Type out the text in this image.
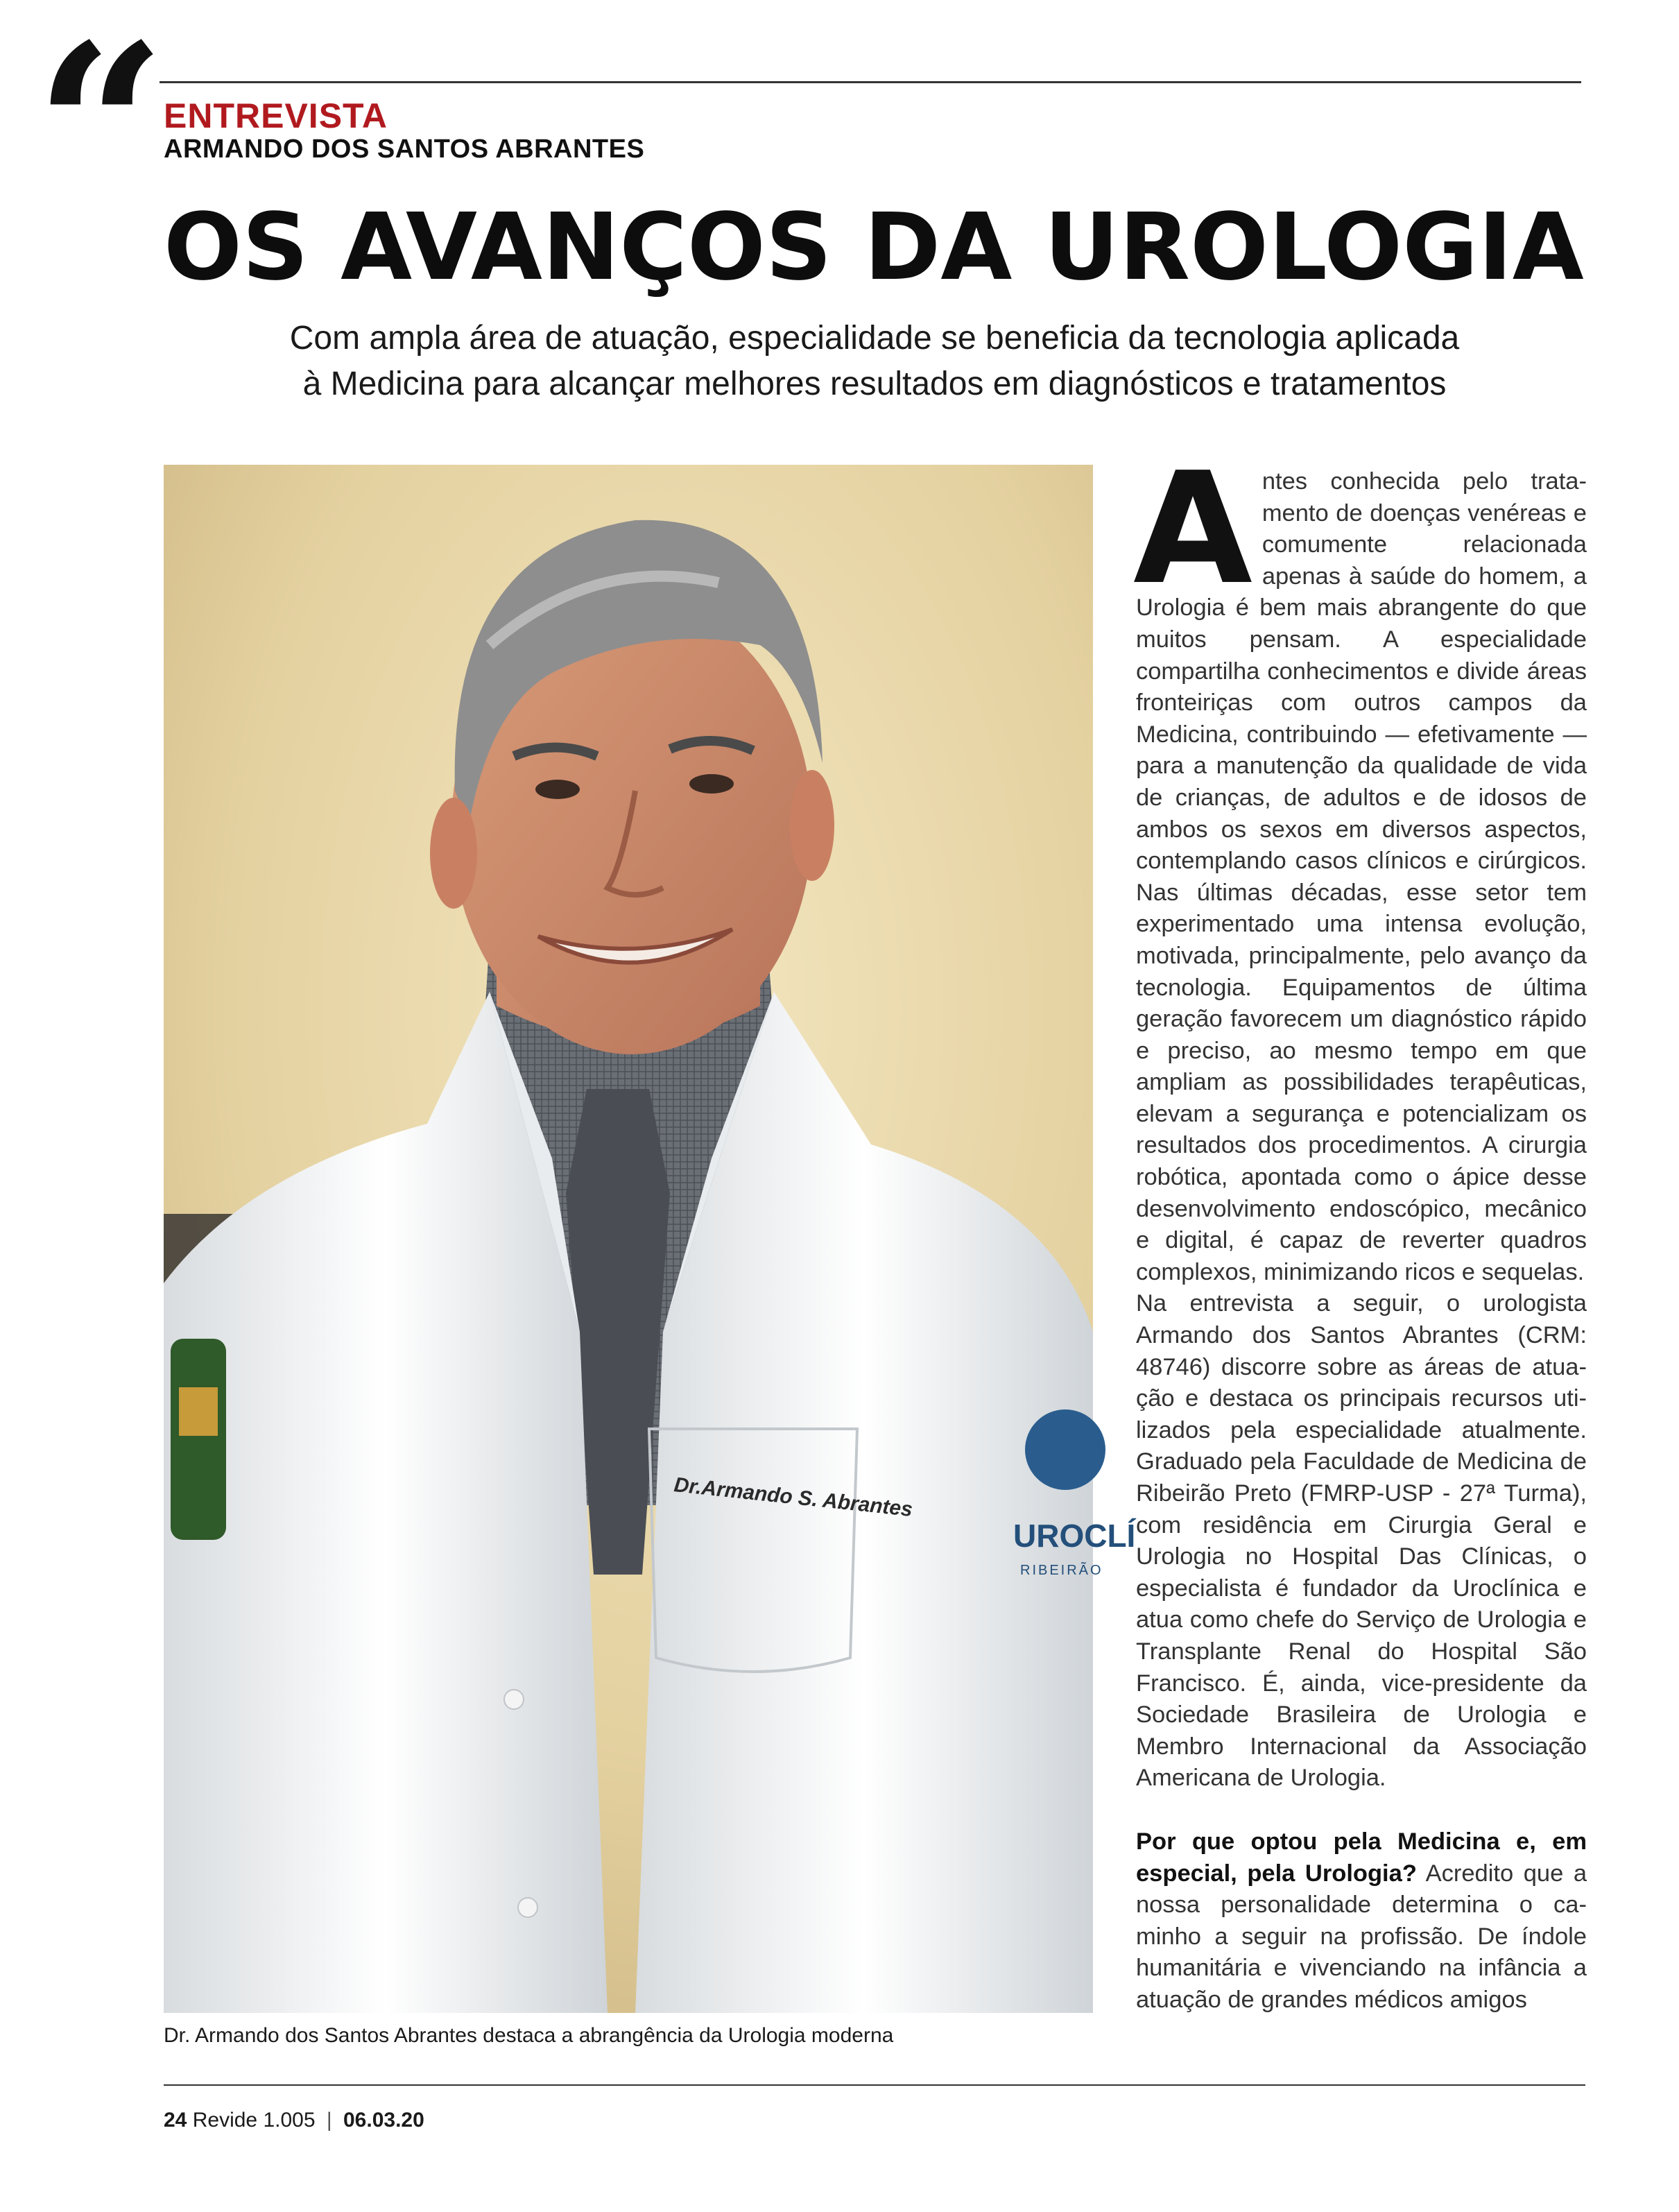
“
ENTREVISTA
ARMANDO DOS SANTOS ABRANTES
OS AVANÇOS DA UROLOGIA
Com ampla área de atuação, especialidade se beneficia da tecnologia aplicada
à Medicina para alcançar melhores resultados em diagnósticos e tratamentos
Dr.Armando S. Abrantes
UROCLÍ
RIBEIRÃO
Dr. Armando dos Santos Abrantes destaca a abrangência da Urologia moderna

Antes conhecida pelo tratamento de doenças venéreas e comumente relacionada apenas à saúde do homem, a Urologia é bem mais abrangente do que muitos pensam. A especialidade compartilha conhecimentos e divide áreas fronteiriças com outros campos da Medicina, contribuindo — efetivamente — para a manutenção da qualidade de vida de crianças, de adultos e de idosos de ambos os sexos em diversos aspectos, contemplando casos clínicos e cirúrgicos. Nas últimas décadas, esse setor tem experimentado uma intensa evolução, motivada, principalmente, pelo avanço da tecnologia. Equipamentos de última geração favorecem um diagnóstico rápido e preciso, ao mesmo tempo em que ampliam as possibilidades terapêuticas, elevam a segurança e potencializam os resultados dos procedimentos. A cirurgia robótica, apontada como o ápice desse desenvolvimento endoscópico, mecânico e digital, é capaz de reverter quadros complexos, minimizando ricos e sequelas.

Na entrevista a seguir, o urologista Armando dos Santos Abrantes (CRM: 48746) discorre sobre as áreas de atuação e destaca os principais recursos utilizados pela especialidade atualmente. Graduado pela Faculdade de Medicina de Ribeirão Preto (FMRP-USP - 27ª Turma), com residência em Cirurgia Geral e Urologia no Hospital Das Clínicas, o especialista é fundador da Uroclínica e atua como chefe do Serviço de Urologia e Transplante Renal do Hospital São Francisco. É, ainda, vice-presidente da Sociedade Brasileira de Urologia e Membro Internacional da Associação Americana de Urologia.

Por que optou pela Medicina e, em especial, pela Urologia? Acredito que a nossa personalidade determina o caminho a seguir na profissão. De índole humanitária e vivenciando na infância a atuação de grandes médicos amigos

24 Revide 1.005 | 06.03.20
